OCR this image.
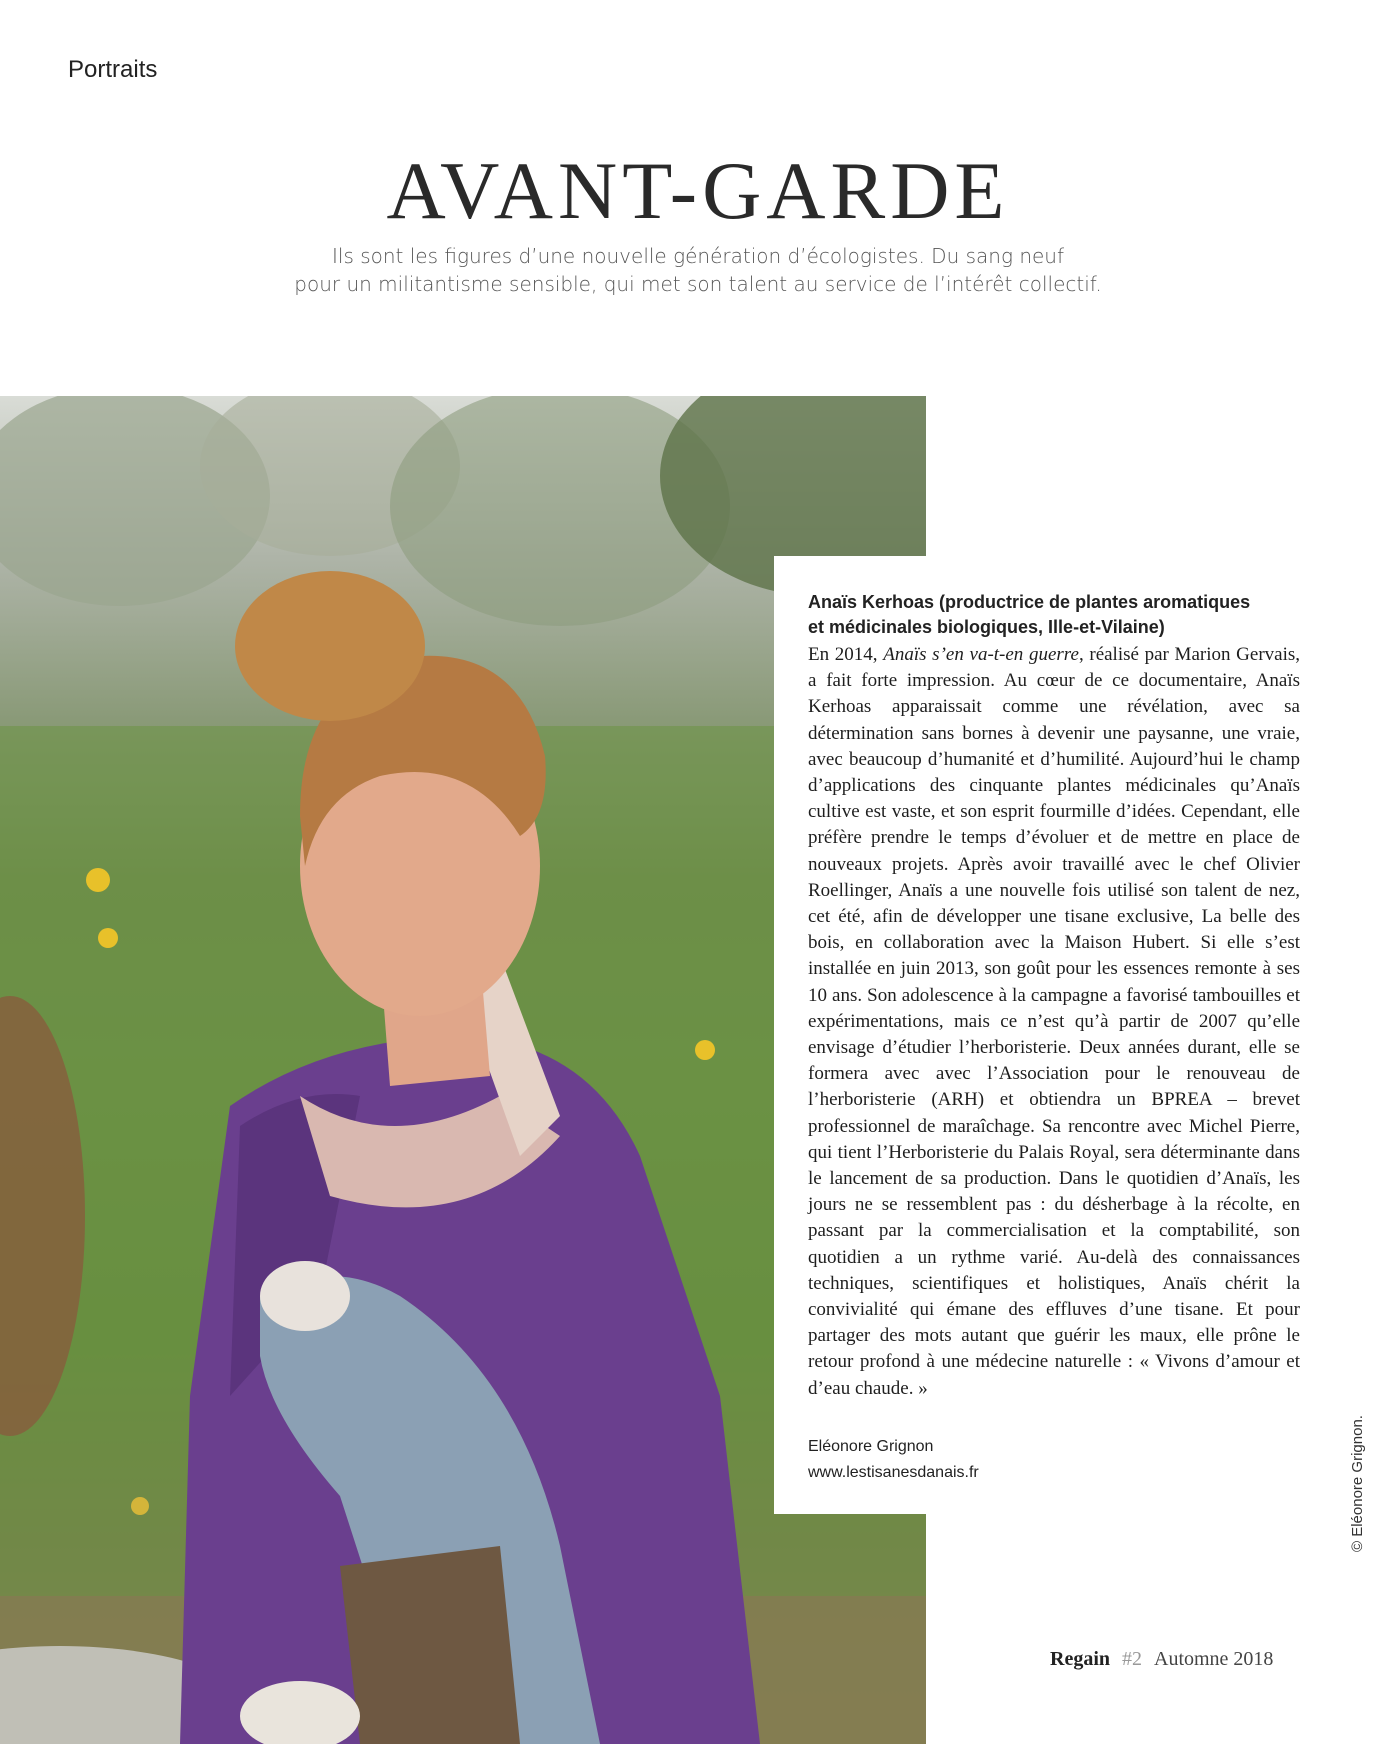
Portraits
AVANT-GARDE

Ils sont les figures d’une nouvelle génération d’écologistes. Du sang neuf
pour un militantisme sensible, qui met son talent au service de l’intérêt collectif.

Anaïs Kerhoas (productrice de plantes aromatiques
et médicinales biologiques, Ille-et-Vilaine)

En 2014, Anaïs s’en va-t-en guerre, réalisé par Marion Gervais, a fait forte impression. Au cœur de ce documentaire, Anaïs Kerhoas apparaissait comme une révélation, avec sa détermination sans bornes à devenir une paysanne, une vraie, avec beaucoup d’humanité et d’humilité. Aujourd’hui le champ d’applications des cinquante plantes médicinales qu’Anaïs cultive est vaste, et son esprit fourmille d’idées. Cependant, elle préfère prendre le temps d’évoluer et de mettre en place de nouveaux projets. Après avoir travaillé avec le chef Olivier Roellinger, Anaïs a une nouvelle fois utilisé son talent de nez, cet été, afin de développer une tisane exclusive, La belle des bois, en collaboration avec la Maison Hubert. Si elle s’est installée en juin 2013, son goût pour les essences remonte à ses 10 ans. Son adolescence à la campagne a favorisé tambouilles et expérimentations, mais ce n’est qu’à partir de 2007 qu’elle envisage d’étudier l’herboristerie. Deux années durant, elle se formera avec avec l’Association pour le renouveau de l’herboristerie (ARH) et obtiendra un BPREA – brevet professionnel de maraîchage. Sa rencontre avec Michel Pierre, qui tient l’Herboristerie du Palais Royal, sera déterminante dans le lancement de sa production. Dans le quotidien d’Anaïs, les jours ne se ressemblent pas : du désherbage à la récolte, en passant par la commercialisation et la comptabilité, son quotidien a un rythme varié. Au-delà des connaissances techniques, scientifiques et holistiques, Anaïs chérit la convivialité qui émane des effluves d’une tisane. Et pour partager des mots autant que guérir les maux, elle prône le retour profond à une médecine naturelle : « Vivons d’amour et d’eau chaude. »

Eléonore Grignon
www.lestisanesdanais.fr	© Eléonore Grignon.
Regain #2 Automne 2018
